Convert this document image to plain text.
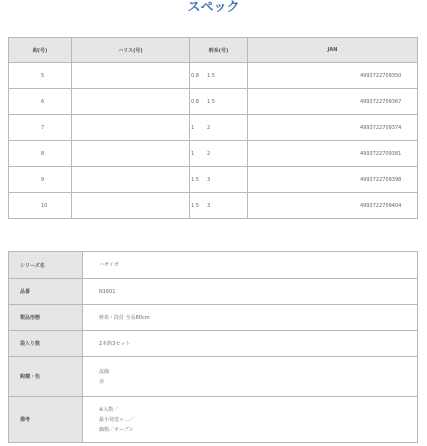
スペック
鈎(号)	ハリス(号)	幹糸(号)	JAN
5	0.8	1.5	4993722709350
6	0.8	1.5	4993722709367
7	1	2	4993722709374
8	1	2	4993722709381
9	1.5	3	4993722709398
10	1.5	3	4993722709404
シリーズ名	ハゼイガ

品番	N1601

製品形態	幹糸・段付 全長60cm

袋入り数	2本鈎3セット

鈎種・色	流線
赤

備考	※入数／
最小発送ヶ…／
価格／オープン
